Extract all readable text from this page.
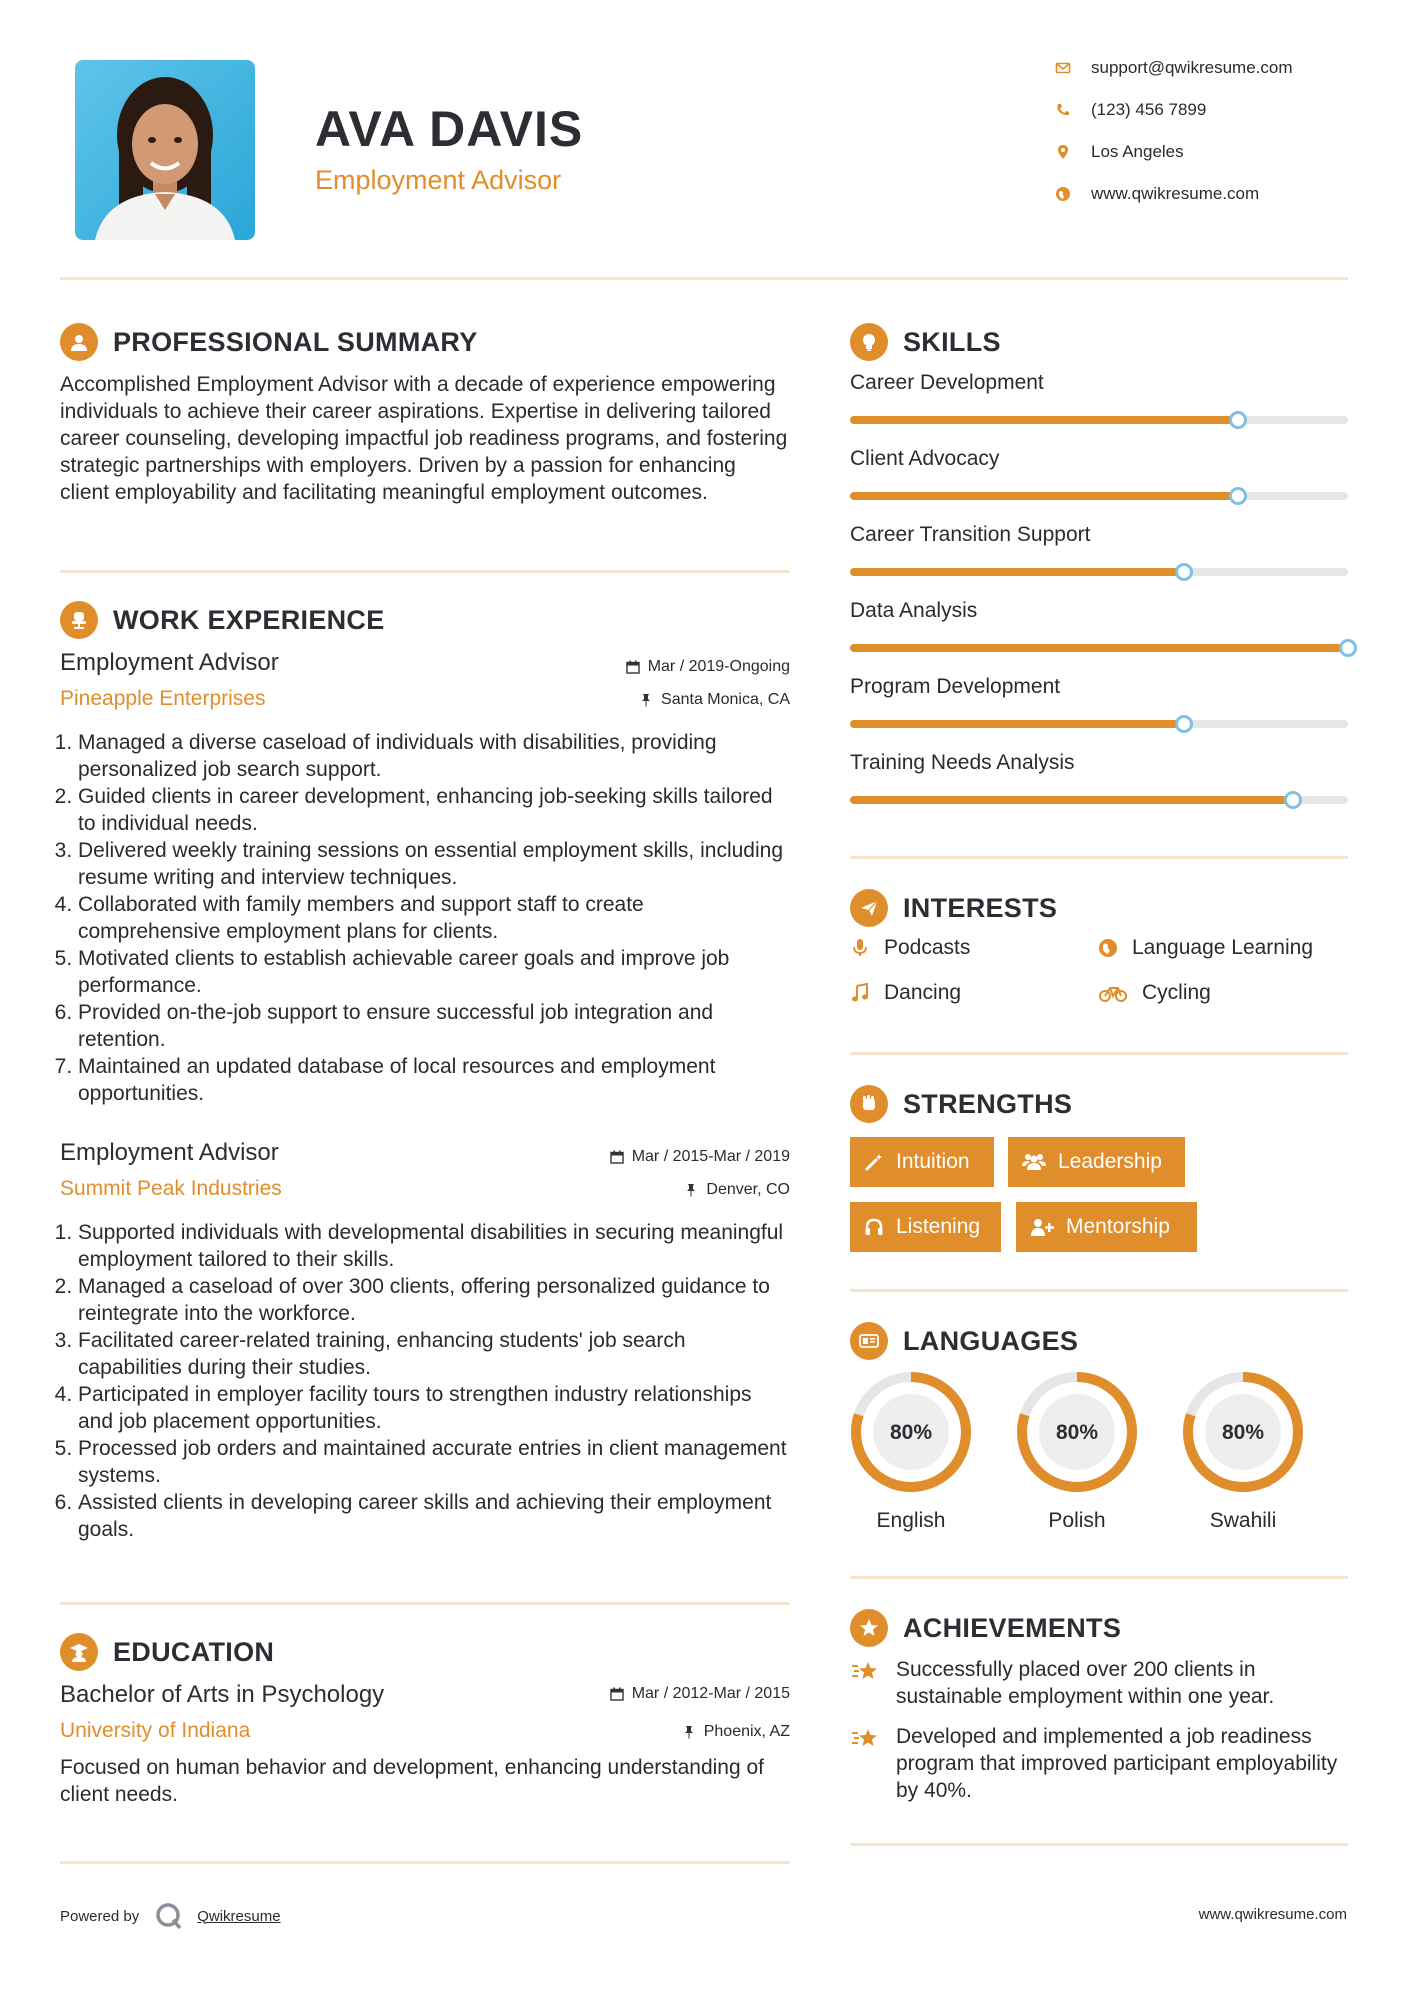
AVA DAVIS
Employment Advisor
support@qwikresume.com
(123) 456 7899
Los Angeles
www.qwikresume.com
PROFESSIONAL SUMMARY
Accomplished Employment Advisor with a decade of experience empowering individuals to achieve their career aspirations. Expertise in delivering tailored career counseling, developing impactful job readiness programs, and fostering strategic partnerships with employers. Driven by a passion for enhancing client employability and facilitating meaningful employment outcomes.
WORK EXPERIENCE
Employment Advisor	Mar / 2019-Ongoing
Pineapple Enterprises	Santa Monica, CA
1. Managed a diverse caseload of individuals with disabilities, providing personalized job search support.
2. Guided clients in career development, enhancing job-seeking skills tailored to individual needs.
3. Delivered weekly training sessions on essential employment skills, including resume writing and interview techniques.
4. Collaborated with family members and support staff to create comprehensive employment plans for clients.
5. Motivated clients to establish achievable career goals and improve job performance.
6. Provided on-the-job support to ensure successful job integration and retention.
7. Maintained an updated database of local resources and employment opportunities.
Employment Advisor	Mar / 2015-Mar / 2019
Summit Peak Industries	Denver, CO
1. Supported individuals with developmental disabilities in securing meaningful employment tailored to their skills.
2. Managed a caseload of over 300 clients, offering personalized guidance to reintegrate into the workforce.
3. Facilitated career-related training, enhancing students' job search capabilities during their studies.
4. Participated in employer facility tours to strengthen industry relationships and job placement opportunities.
5. Processed job orders and maintained accurate entries in client management systems.
6. Assisted clients in developing career skills and achieving their employment goals.
EDUCATION
Bachelor of Arts in Psychology	Mar / 2012-Mar / 2015
University of Indiana	Phoenix, AZ
Focused on human behavior and development, enhancing understanding of client needs.
SKILLS
Career Development
Client Advocacy
Career Transition Support
Data Analysis
Program Development
Training Needs Analysis
INTERESTS
Podcasts	Language Learning
Dancing	Cycling
STRENGTHS
Intuition	Leadership
Listening	Mentorship
LANGUAGES
80%
English
80%
Polish
80%
Swahili
ACHIEVEMENTS
Successfully placed over 200 clients in sustainable employment within one year.
Developed and implemented a job readiness program that improved participant employability by 40%.
Powered by	Qwikresume	www.qwikresume.com
